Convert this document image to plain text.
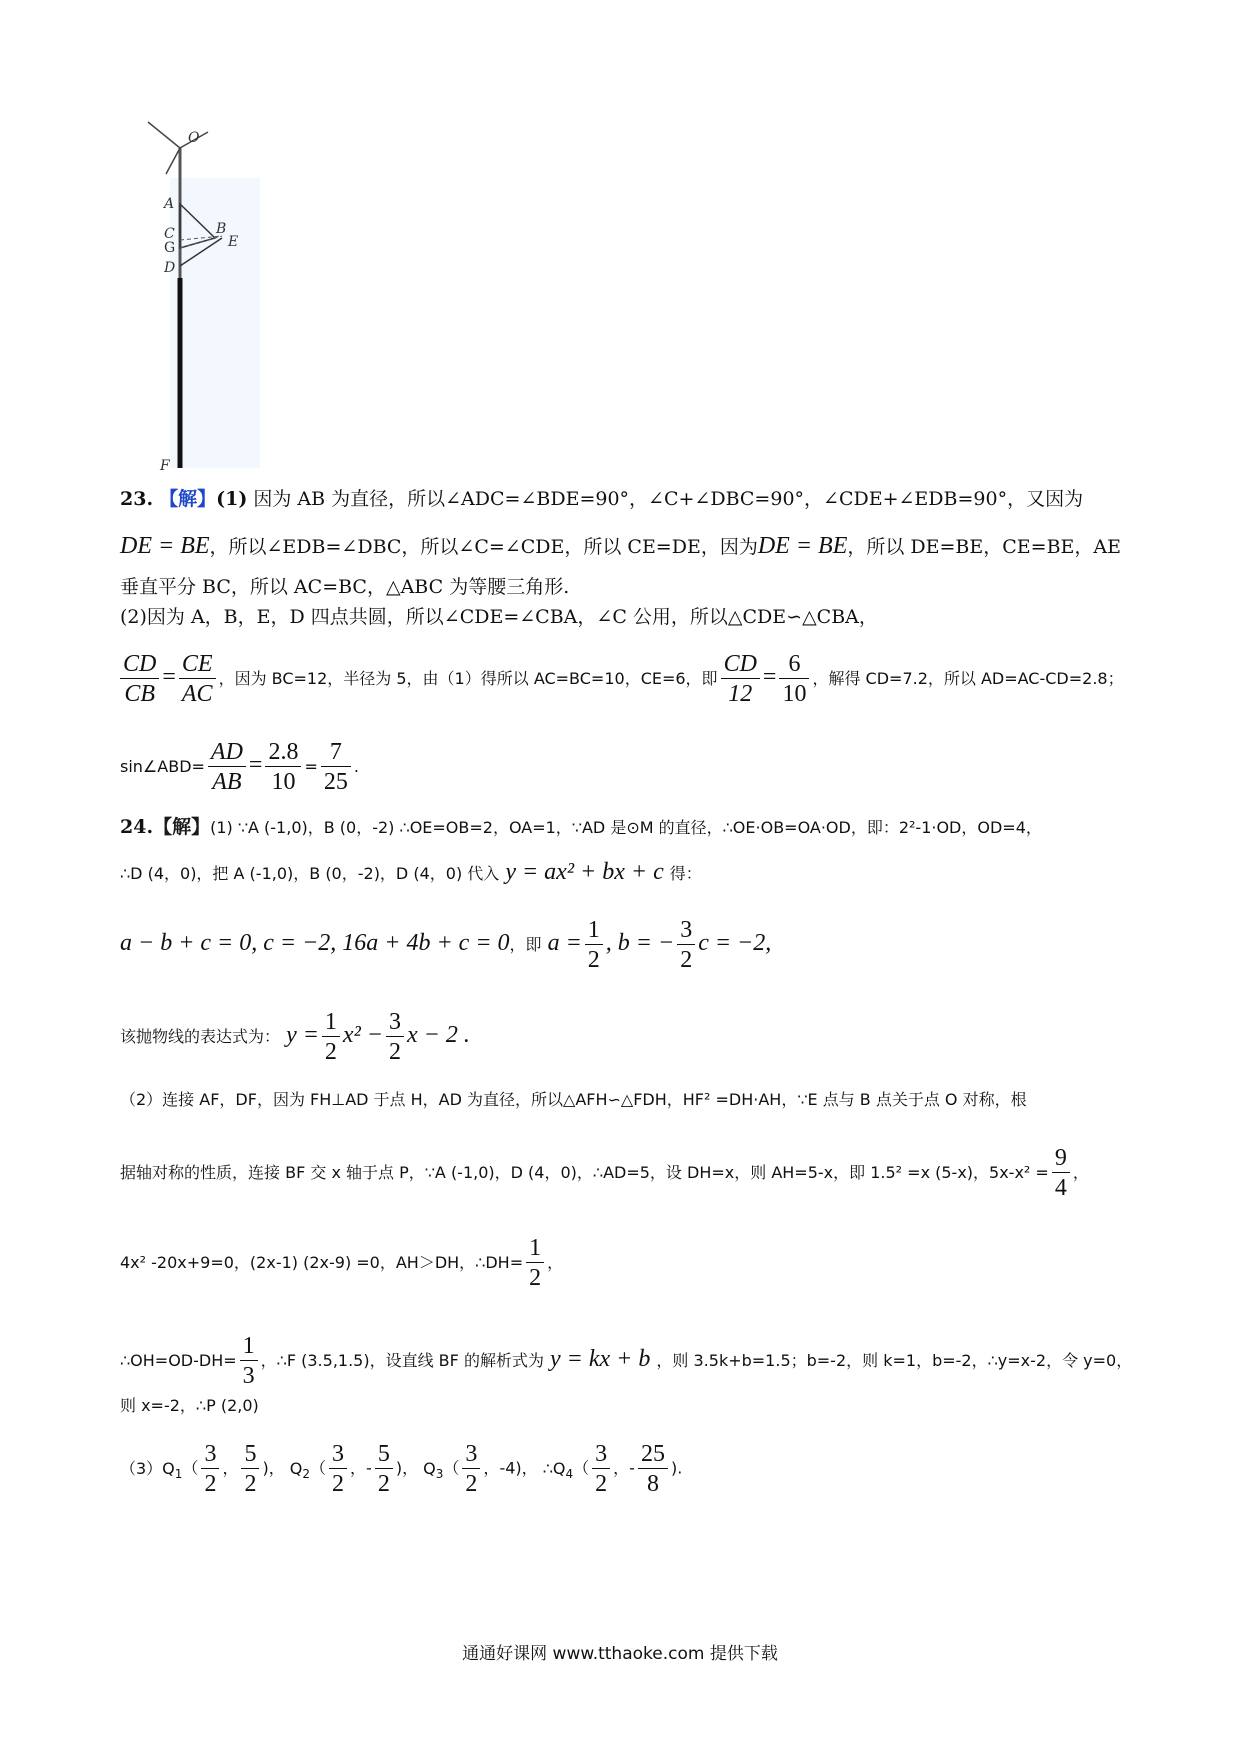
O
A
B
C
G	E
D
F
23. 【解】(1) 因为 AB 为直径，所以∠ADC=∠BDE=90°，∠C+∠DBC=90°，∠CDE+∠EDB=90°，又因为
DE = BE，所以∠EDB=∠DBC，所以∠C=∠CDE，所以 CE=DE，因为DE = BE，所以 DE=BE，CE=BE，AE
垂直平分 BC，所以 AC=BC，△ABC 为等腰三角形.
(2)因为 A，B，E，D 四点共圆，所以∠CDE=∠CBA，∠C 公用，所以△CDE∽△CBA，
$\frac{CD}{CB} = \frac{CE}{AC}$ ，因为 BC=12，半径为 5，由（1）得所以 AC=BC=10，CE=6，即 $\frac{CD}{12} = \frac{6}{10}$ ，解得 CD=7.2，所以 AD=AC-CD=2.8；
sin∠ABD= $\frac{AD}{AB} = \frac{2.8}{10} = \frac{7}{25}$ .
24.【解】(1) ∵A (-1,0)，B (0，-2) ∴OE=OB=2，OA=1，∵AD 是⊙M 的直径，∴OE·OB=OA·OD，即：2²-1·OD，OD=4，
∴D (4，0)，把 A (-1,0)，B (0，-2)，D (4，0) 代入 y = ax² + bx + c 得：
a − b + c = 0, c = −2, 16a + 4b + c = 0，即 $a = \frac{1}{2}$ , b = − $\frac{3}{2}$ c = −2,
该抛物线的表达式为： $y = \frac{1}{2} x^2 - \frac{3}{2}$ x − 2 .
（2）连接 AF，DF，因为 FH⊥AD 于点 H，AD 为直径，所以△AFH∽△FDH，HF² =DH·AH，∵E 点与 B 点关于点 O 对称，根
据轴对称的性质，连接 BF 交 x 轴于点 P，∵A (-1,0)，D (4，0)，∴AD=5，设 DH=x，则 AH=5-x，即 1.5² =x (5-x)，$5x-x^2 = \frac{9}{4}$ ，
4x² -20x+9=0，(2x-1) (2x-9) =0，AH＞DH，∴DH= $\frac{1}{2}$ ，
∴OH=OD-DH= $\frac{1}{3}$ ，∴F (3.5,1.5)，设直线 BF 的解析式为 y = kx + b ，则 3.5k+b=1.5；b=-2，则 k=1，b=-2，∴y=x-2，令 y=0，
则 x=-2，∴P (2,0)
$(3)Q_1( \frac{3}{2}$ ， $\frac{5}{2}$ )， $Q_2( \frac{3}{2}$ ，- $\frac{5}{2}$ )， $Q_3( \frac{3}{2}$ ，-4)， $\therefore Q_4( \frac{3}{2}$ ，- $\frac{25}{8}$ ).
通通好课网 www.tthaoke.com 提供下载
